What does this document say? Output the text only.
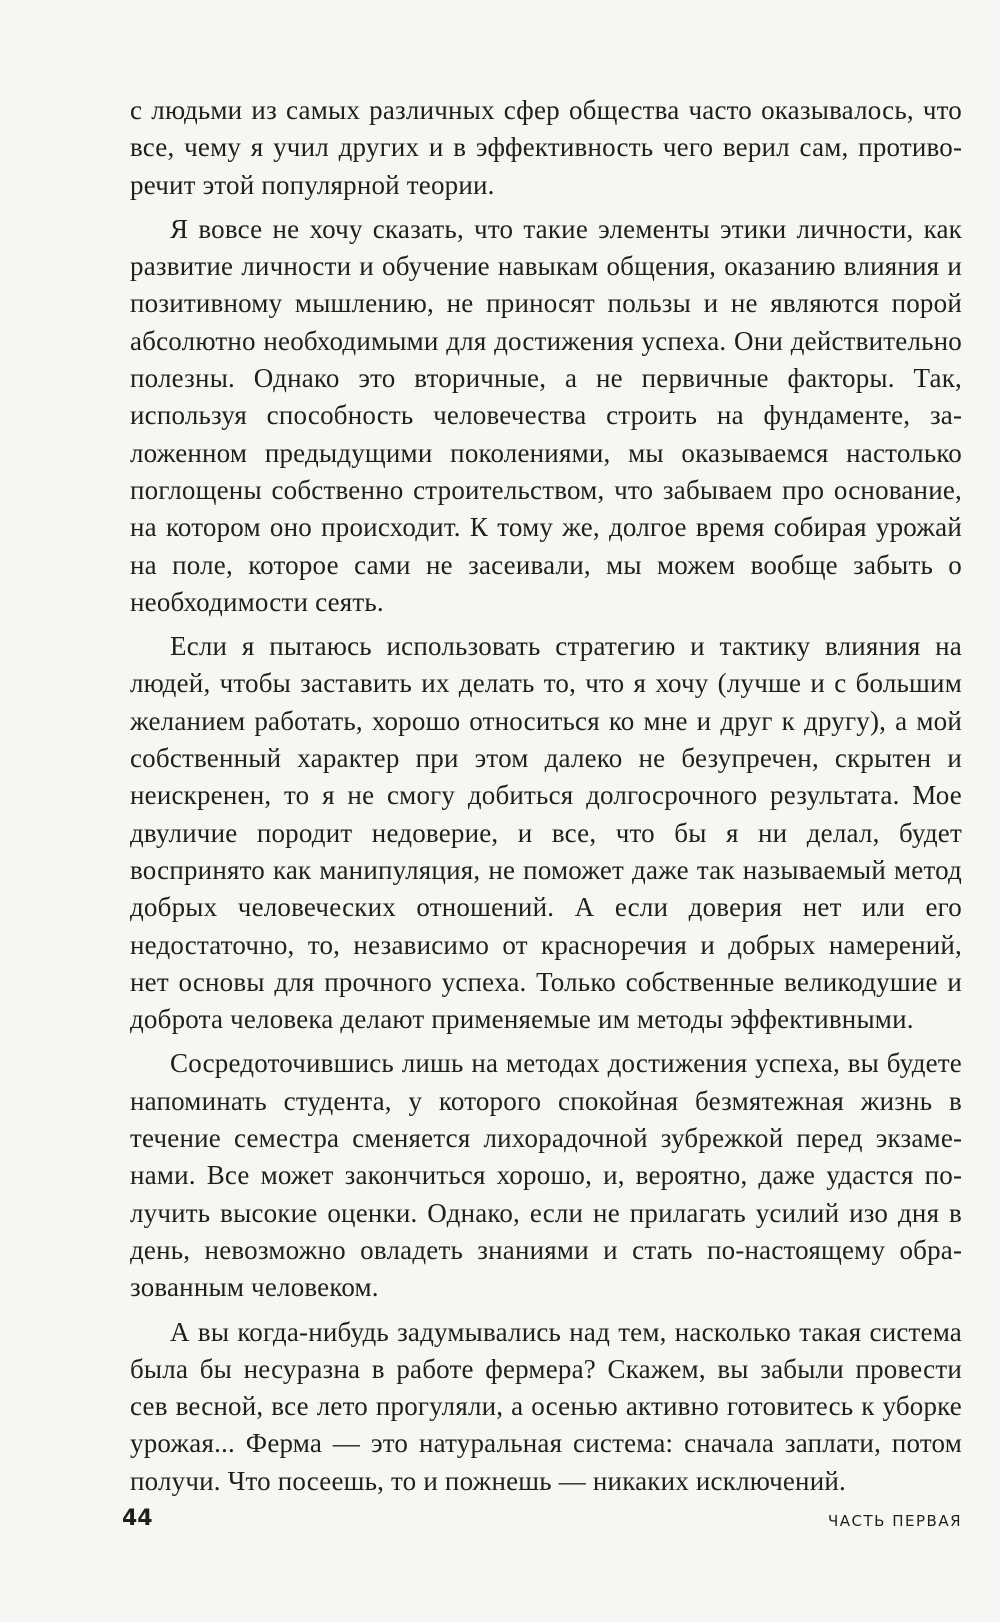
с людьми из самых различных сфер общества часто оказывалось, что все, чему я учил других и в эффективность чего верил сам, противоречит этой популярной теории.

Я вовсе не хочу сказать, что такие элементы этики личности, как развитие личности и обучение навыкам общения, оказанию влияния и позитивному мышлению, не приносят пользы и не являются порой абсолютно необходимыми для достижения успеха. Они действительно полезны. Однако это вторичные, а не первичные факторы. Так, используя способность человечества строить на фундаменте, заложенном предыдущими поколениями, мы оказываемся настолько поглощены собственно строительством, что забываем про основание, на котором оно происходит. К тому же, долгое время собирая урожай на поле, которое сами не засеивали, мы можем вообще забыть о необходимости сеять.

Если я пытаюсь использовать стратегию и тактику влияния на людей, чтобы заставить их делать то, что я хочу (лучше и с большим желанием работать, хорошо относиться ко мне и друг к другу), а мой собственный характер при этом далеко не безупречен, скрытен и неискренен, то я не смогу добиться долгосрочного результата. Мое двуличие породит недоверие, и все, что бы я ни делал, будет воспринято как манипуляция, не поможет даже так называемый метод добрых человеческих отношений. А если доверия нет или его недостаточно, то, независимо от красноречия и добрых намерений, нет основы для прочного успеха. Только собственные великодушие и доброта человека делают применяемые им методы эффективными.

Сосредоточившись лишь на методах достижения успеха, вы будете напоминать студента, у которого спокойная безмятежная жизнь в течение семестра сменяется лихорадочной зубрежкой перед экзаменами. Все может закончиться хорошо, и, вероятно, даже удастся получить высокие оценки. Однако, если не прилагать усилий изо дня в день, невозможно овладеть знаниями и стать по-настоящему образованным человеком.

А вы когда-нибудь задумывались над тем, насколько такая система была бы несуразна в работе фермера? Скажем, вы забыли провести сев весной, все лето прогуляли, а осенью активно готовитесь к уборке урожая... Ферма — это натуральная система: сначала заплати, потом получи. Что посеешь, то и пожнешь — никаких исключений.

44	ЧАСТЬ ПЕРВАЯ
